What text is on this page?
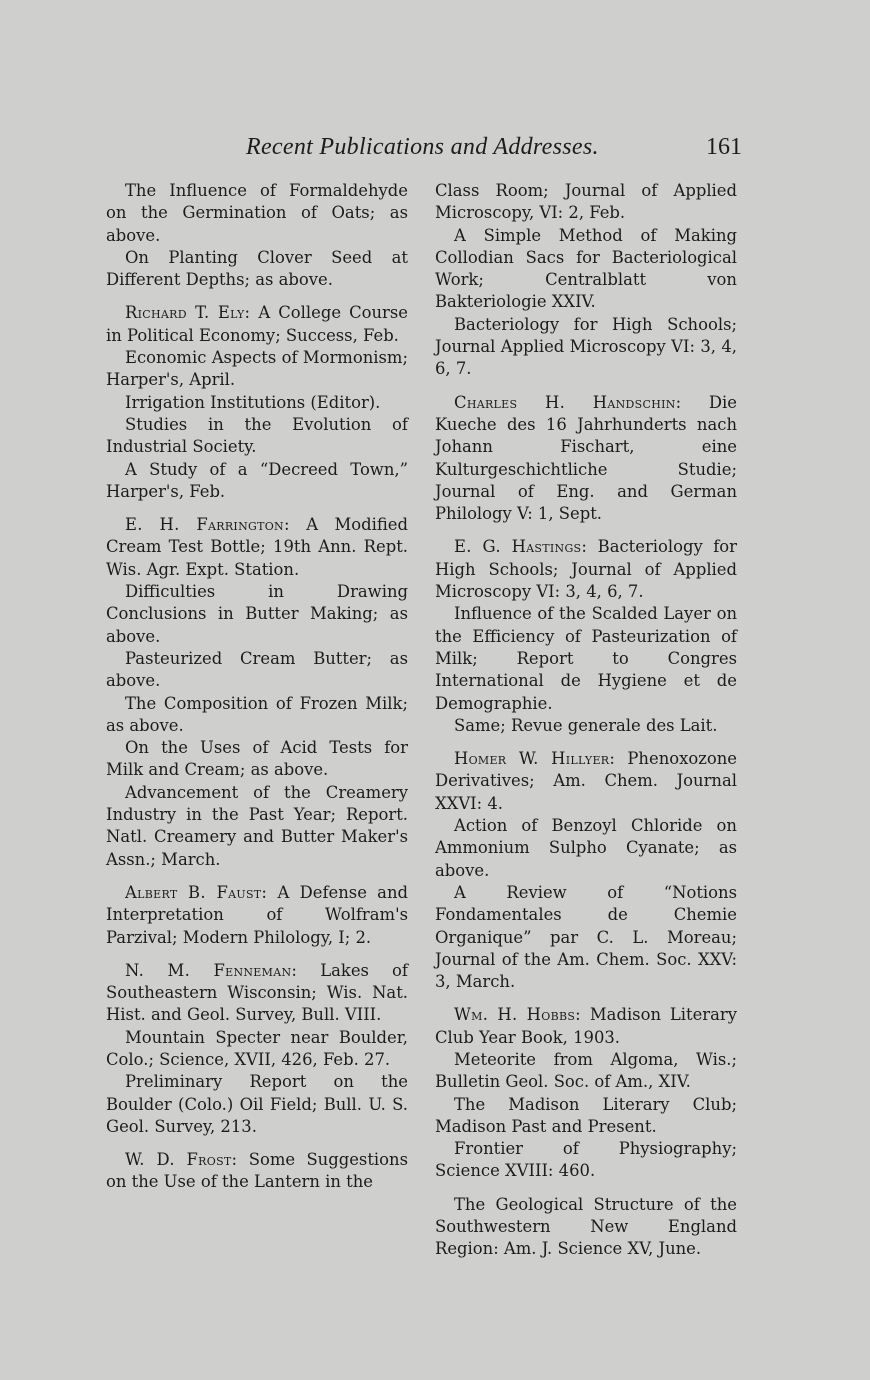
Recent Publications and Addresses.	161

The Influence of Formaldehyde on the Germination of Oats; as above.

On Planting Clover Seed at Different Depths; as above.

Richard T. Ely: A College Course in Political Economy; Success, Feb.

Economic Aspects of Mormonism; Harper's, April.

Irrigation Institutions (Editor).

Studies in the Evolution of Industrial Society.

A Study of a “Decreed Town,” Harper's, Feb.

E. H. Farrington: A Modified Cream Test Bottle; 19th Ann. Rept. Wis. Agr. Expt. Station.

Difficulties in Drawing Conclusions in Butter Making; as above.

Pasteurized Cream Butter; as above.

The Composition of Frozen Milk; as above.

On the Uses of Acid Tests for Milk and Cream; as above.

Advancement of the Creamery Industry in the Past Year; Report. Natl. Creamery and Butter Maker's Assn.; March.

Albert B. Faust: A Defense and Interpretation of Wolfram's Parzival; Modern Philology, I; 2.

N. M. Fenneman: Lakes of Southeastern Wisconsin; Wis. Nat. Hist. and Geol. Survey, Bull. VIII.

Mountain Specter near Boulder, Colo.; Science, XVII, 426, Feb. 27.

Preliminary Report on the Boulder (Colo.) Oil Field; Bull. U. S. Geol. Survey, 213.

W. D. Frost: Some Suggestions on the Use of the Lantern in the

Class Room; Journal of Applied Microscopy, VI: 2, Feb.

A Simple Method of Making Collodian Sacs for Bacteriological Work; Centralblatt von Bakteriologie XXIV.

Bacteriology for High Schools; Journal Applied Microscopy VI: 3, 4, 6, 7.

Charles H. Handschin: Die Kueche des 16 Jahrhunderts nach Johann Fischart, eine Kulturgeschichtliche Studie; Journal of Eng. and German Philology V: 1, Sept.

E. G. Hastings: Bacteriology for High Schools; Journal of Applied Microscopy VI: 3, 4, 6, 7.

Influence of the Scalded Layer on the Efficiency of Pasteurization of Milk; Report to Congres International de Hygiene et de Demographie.

Same; Revue generale des Lait.

Homer W. Hillyer: Phenoxozone Derivatives; Am. Chem. Journal XXVI: 4.

Action of Benzoyl Chloride on Ammonium Sulpho Cyanate; as above.

A Review of “Notions Fondamentales de Chemie Organique” par C. L. Moreau; Journal of the Am. Chem. Soc. XXV: 3, March.

Wm. H. Hobbs: Madison Literary Club Year Book, 1903.

Meteorite from Algoma, Wis.; Bulletin Geol. Soc. of Am., XIV.

The Madison Literary Club; Madison Past and Present.

Frontier of Physiography; Science XVIII: 460.

The Geological Structure of the Southwestern New England Region: Am. J. Science XV, June.
